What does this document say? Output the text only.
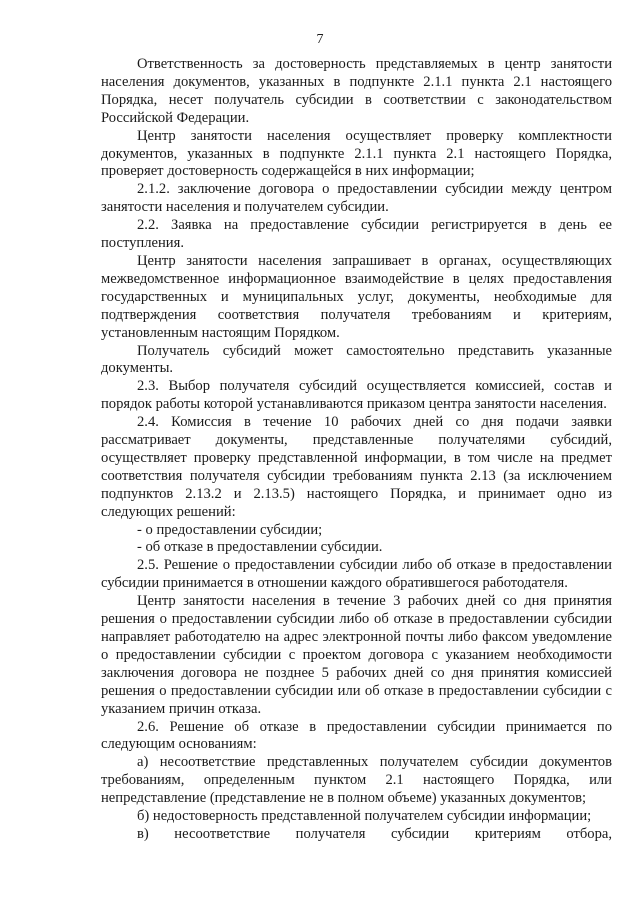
7

Ответственность за достоверность представляемых в центр занятости населения документов, указанных в подпункте 2.1.1 пункта 2.1 настоящего Порядка, несет получатель субсидии в соответствии с законодательством Российской Федерации.

Центр занятости населения осуществляет проверку комплектности документов, указанных в подпункте 2.1.1 пункта 2.1 настоящего Порядка, проверяет достоверность содержащейся в них информации;

2.1.2. заключение договора о предоставлении субсидии между центром занятости населения и получателем субсидии.

2.2. Заявка на предоставление субсидии регистрируется в день ее поступления.

Центр занятости населения запрашивает в органах, осуществляющих межведомственное информационное взаимодействие в целях предоставления государственных и муниципальных услуг, документы, необходимые для подтверждения соответствия получателя требованиям и критериям, установленным настоящим Порядком.

Получатель субсидий может самостоятельно представить указанные документы.

2.3. Выбор получателя субсидий осуществляется комиссией, состав и порядок работы которой устанавливаются приказом центра занятости населения.

2.4. Комиссия в течение 10 рабочих дней со дня подачи заявки рассматривает документы, представленные получателями субсидий, осуществляет проверку представленной информации, в том числе на предмет соответствия получателя субсидии требованиям пункта 2.13 (за исключением подпунктов 2.13.2 и 2.13.5) настоящего Порядка, и принимает одно из следующих решений:

- о предоставлении субсидии;

- об отказе в предоставлении субсидии.

2.5. Решение о предоставлении субсидии либо об отказе в предоставлении субсидии принимается в отношении каждого обратившегося работодателя.

Центр занятости населения в течение 3 рабочих дней со дня принятия решения о предоставлении субсидии либо об отказе в предоставлении субсидии направляет работодателю на адрес электронной почты либо факсом уведомление о предоставлении субсидии с проектом договора с указанием необходимости заключения договора не позднее 5 рабочих дней со дня принятия комиссией решения о предоставлении субсидии или об отказе в предоставлении субсидии с указанием причин отказа.

2.6. Решение об отказе в предоставлении субсидии принимается по следующим основаниям:

а) несоответствие представленных получателем субсидии документов требованиям, определенным пунктом 2.1 настоящего Порядка, или непредставление (представление не в полном объеме) указанных документов;

б) недостоверность представленной получателем субсидии информации;

в) несоответствие получателя субсидии критериям отбора,
